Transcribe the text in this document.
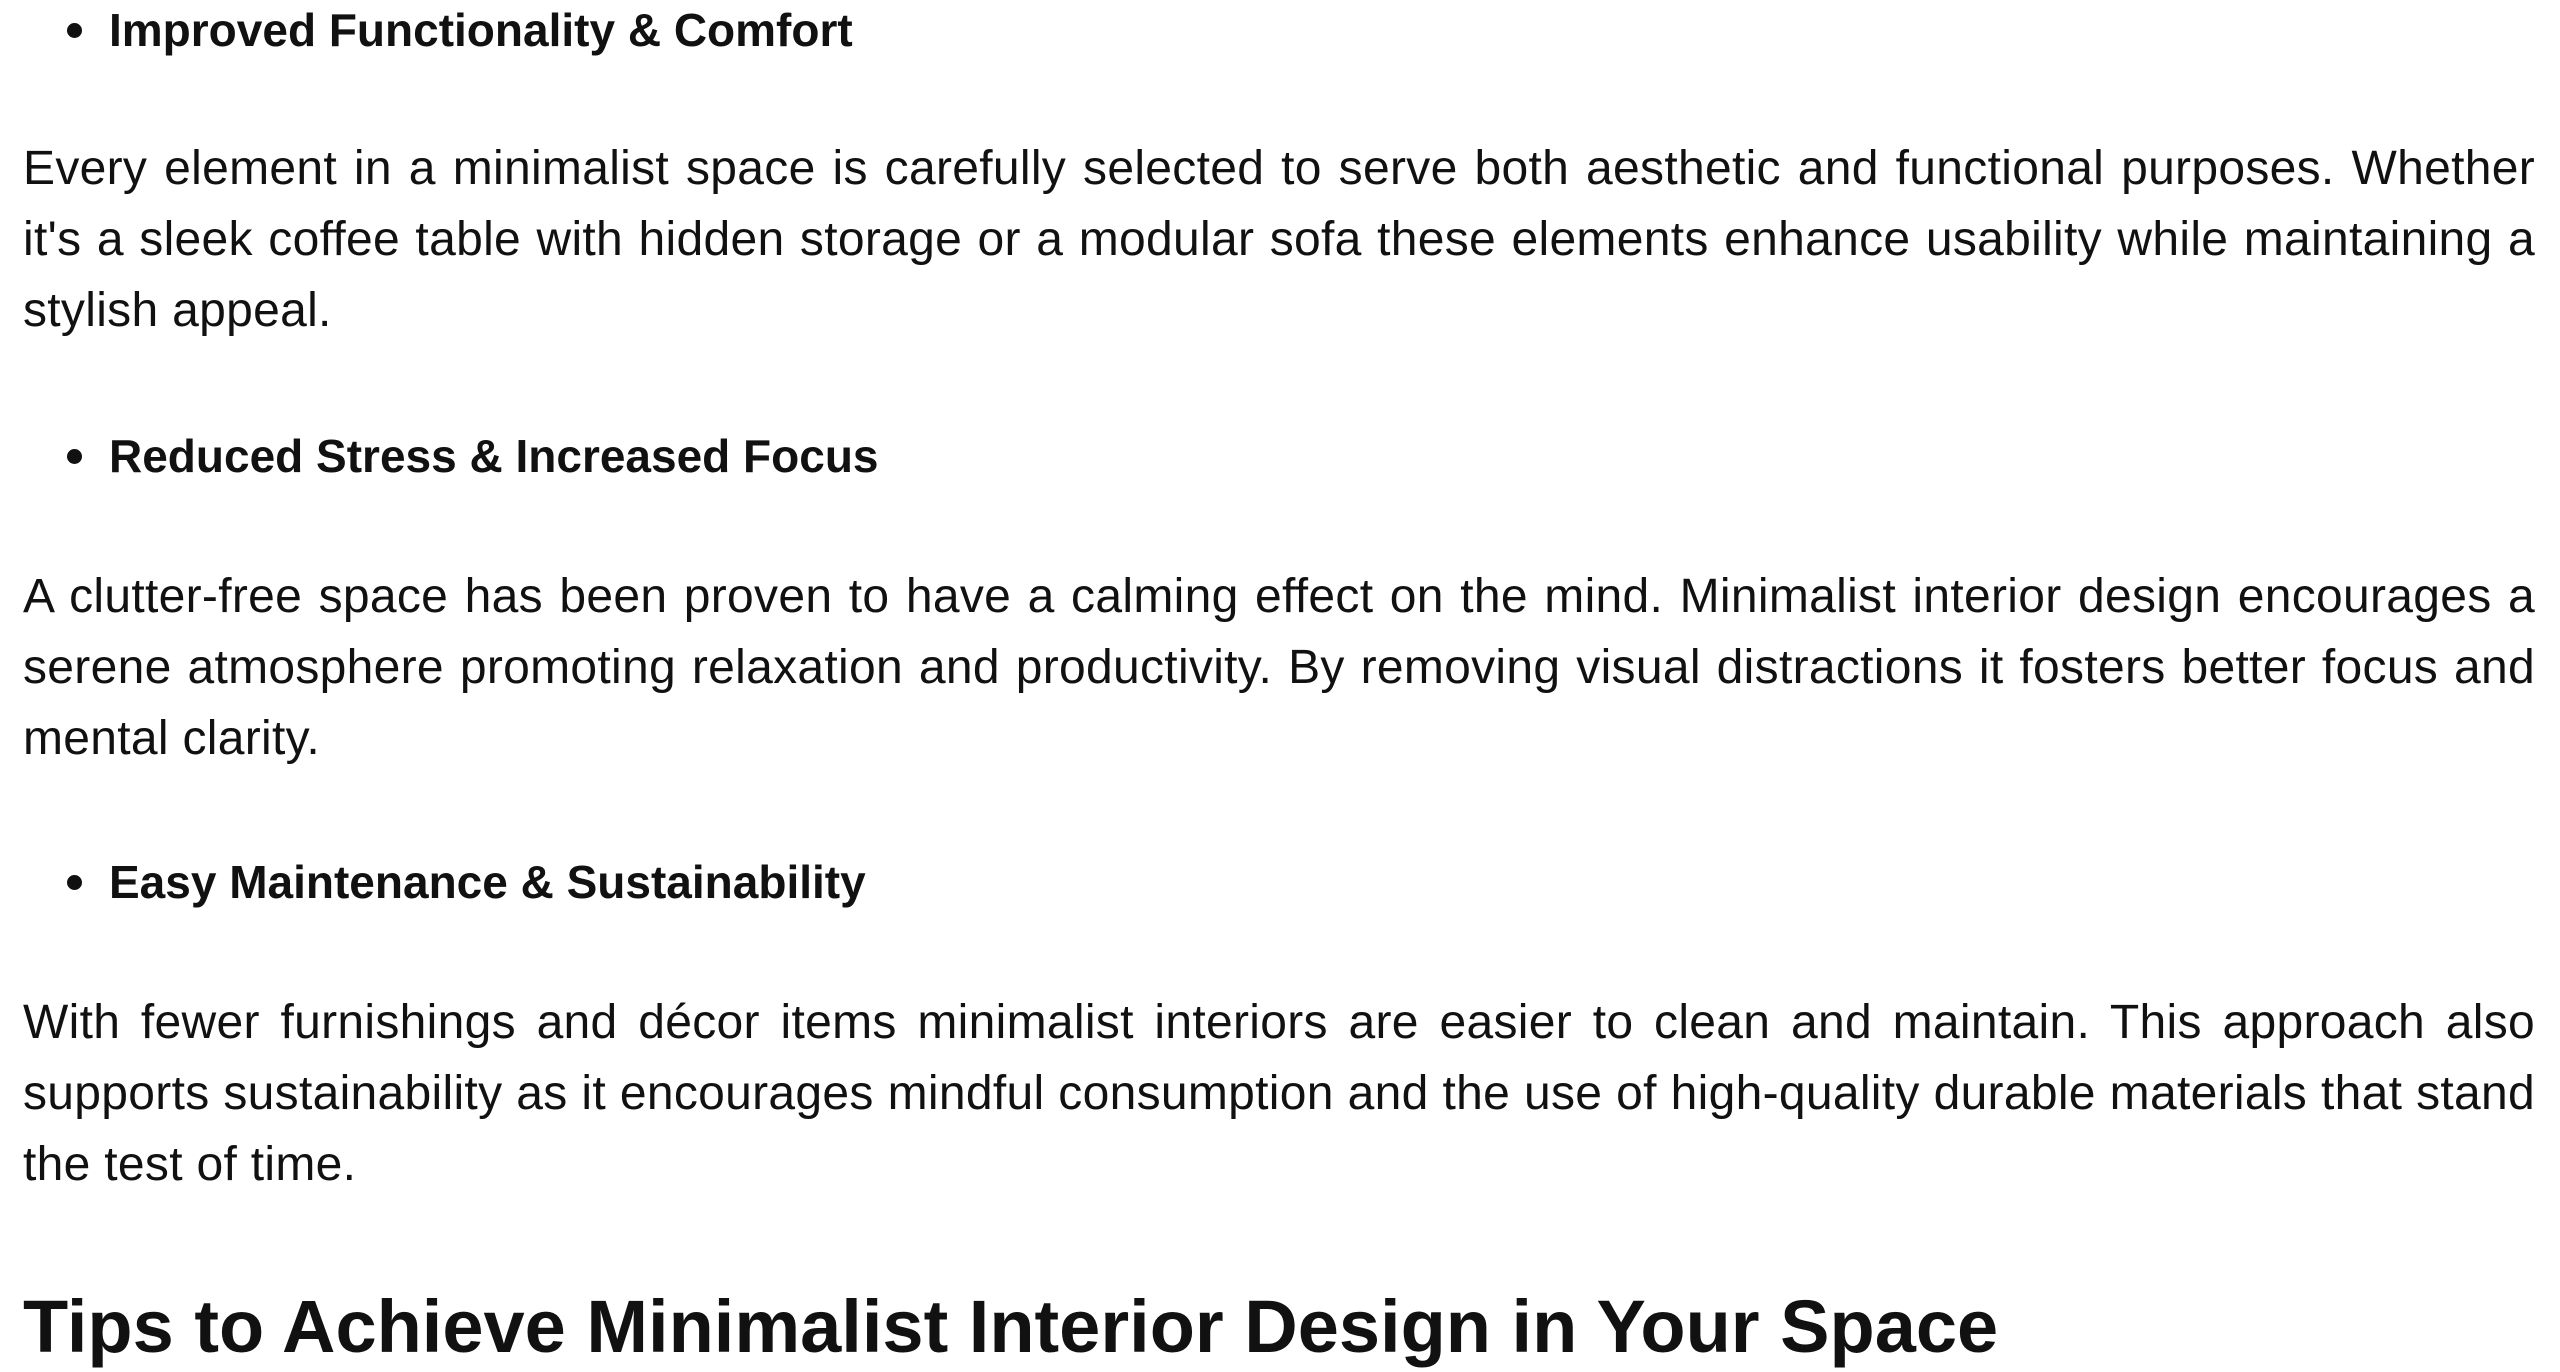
Improved Functionality & Comfort

Every element in a minimalist space is carefully selected to serve both aesthetic and functional purposes. Whether it's a sleek coffee table with hidden storage or a modular sofa these elements enhance usability while maintaining a stylish appeal.

Reduced Stress & Increased Focus

A clutter-free space has been proven to have a calming effect on the mind. Minimalist interior design encourages a serene atmosphere promoting relaxation and productivity. By removing visual distractions it fosters better focus and mental clarity.

Easy Maintenance & Sustainability

With fewer furnishings and décor items minimalist interiors are easier to clean and maintain. This approach also supports sustainability as it encourages mindful consumption and the use of high-quality durable materials that stand the test of time.

Tips to Achieve Minimalist Interior Design in Your Space
